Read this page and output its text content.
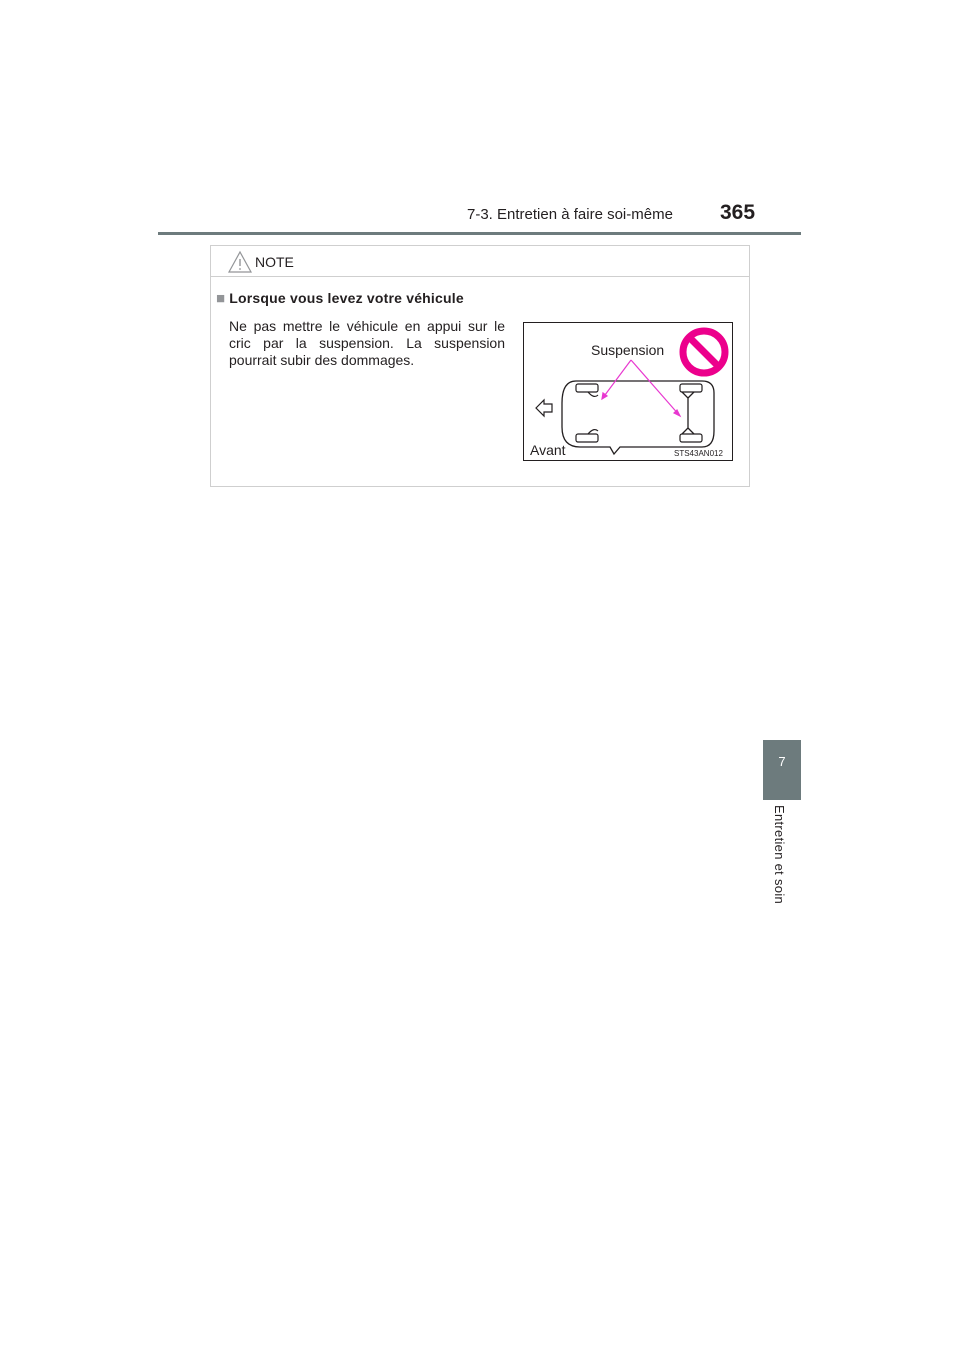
7-3. Entretien à faire soi-même 365
7
Entretien et soin
NOTE
■ Lorsque vous levez votre véhicule
Ne pas mettre le véhicule en appui sur le cric par la suspension. La suspension pourrait subir des dommages.
Suspension
Avant	STS43AN012
